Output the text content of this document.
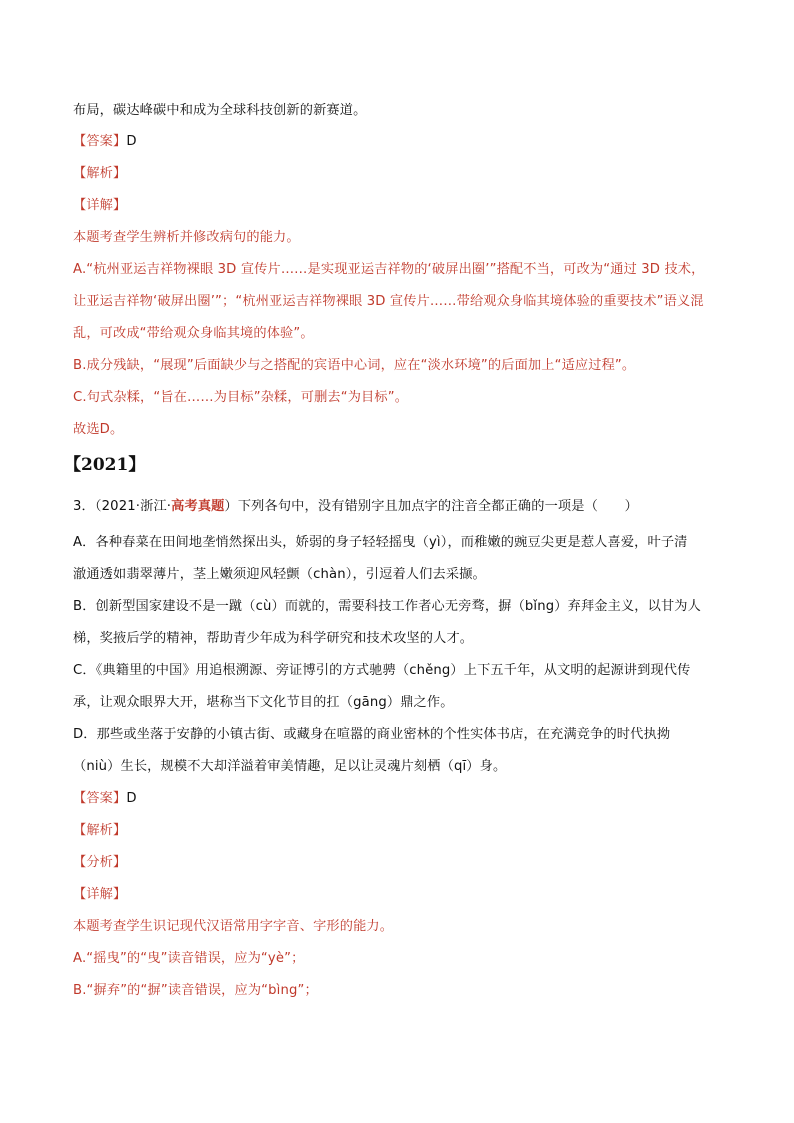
布局，碳达峰碳中和成为全球科技创新的新赛道。
【答案】D
【解析】
【详解】
本题考查学生辨析并修改病句的能力。
A.“杭州亚运吉祥物裸眼 3D 宣传片……是实现亚运吉祥物的‘破屏出圈’”搭配不当，可改为“通过 3D 技术，
让亚运吉祥物‘破屏出圈’”；“杭州亚运吉祥物裸眼 3D 宣传片……带给观众身临其境体验的重要技术”语义混
乱，可改成“带给观众身临其境的体验”。
B.成分残缺，“展现”后面缺少与之搭配的宾语中心词，应在“淡水环境”的后面加上“适应过程”。
C.句式杂糅，“旨在……为目标”杂糅，可删去“为目标”。
故选D。
【2021】
3．（2021·浙江·高考真题）下列各句中，没有错别字且加点字的注音全都正确的一项是（　　）
A．各种春菜在田间地垄悄然探出头，娇弱的身子轻轻摇曳（yì），而稚嫩的豌豆尖更是惹人喜爱，叶子清
澈通透如翡翠薄片，茎上嫩须迎风轻颤（chàn），引逗着人们去采撷。
B．创新型国家建设不是一蹴（cù）而就的，需要科技工作者心无旁骛，摒（bǐng）弃拜金主义，以甘为人
梯，奖掖后学的精神，帮助青少年成为科学研究和技术攻坚的人才。
C．《典籍里的中国》用追根溯源、旁证博引的方式驰骋（chěng）上下五千年，从文明的起源讲到现代传
承，让观众眼界大开，堪称当下文化节目的扛（gāng）鼎之作。
D．那些或坐落于安静的小镇古街、或藏身在喧嚣的商业密林的个性实体书店，在充满竞争的时代执拗
（niù）生长，规模不大却洋溢着审美情趣，足以让灵魂片刻栖（qī）身。
【答案】D
【解析】
【分析】
【详解】
本题考查学生识记现代汉语常用字字音、字形的能力。
A.“摇曳”的“曳”读音错误，应为“yè”；
B.“摒弃”的“摒”读音错误，应为“bìng”；
